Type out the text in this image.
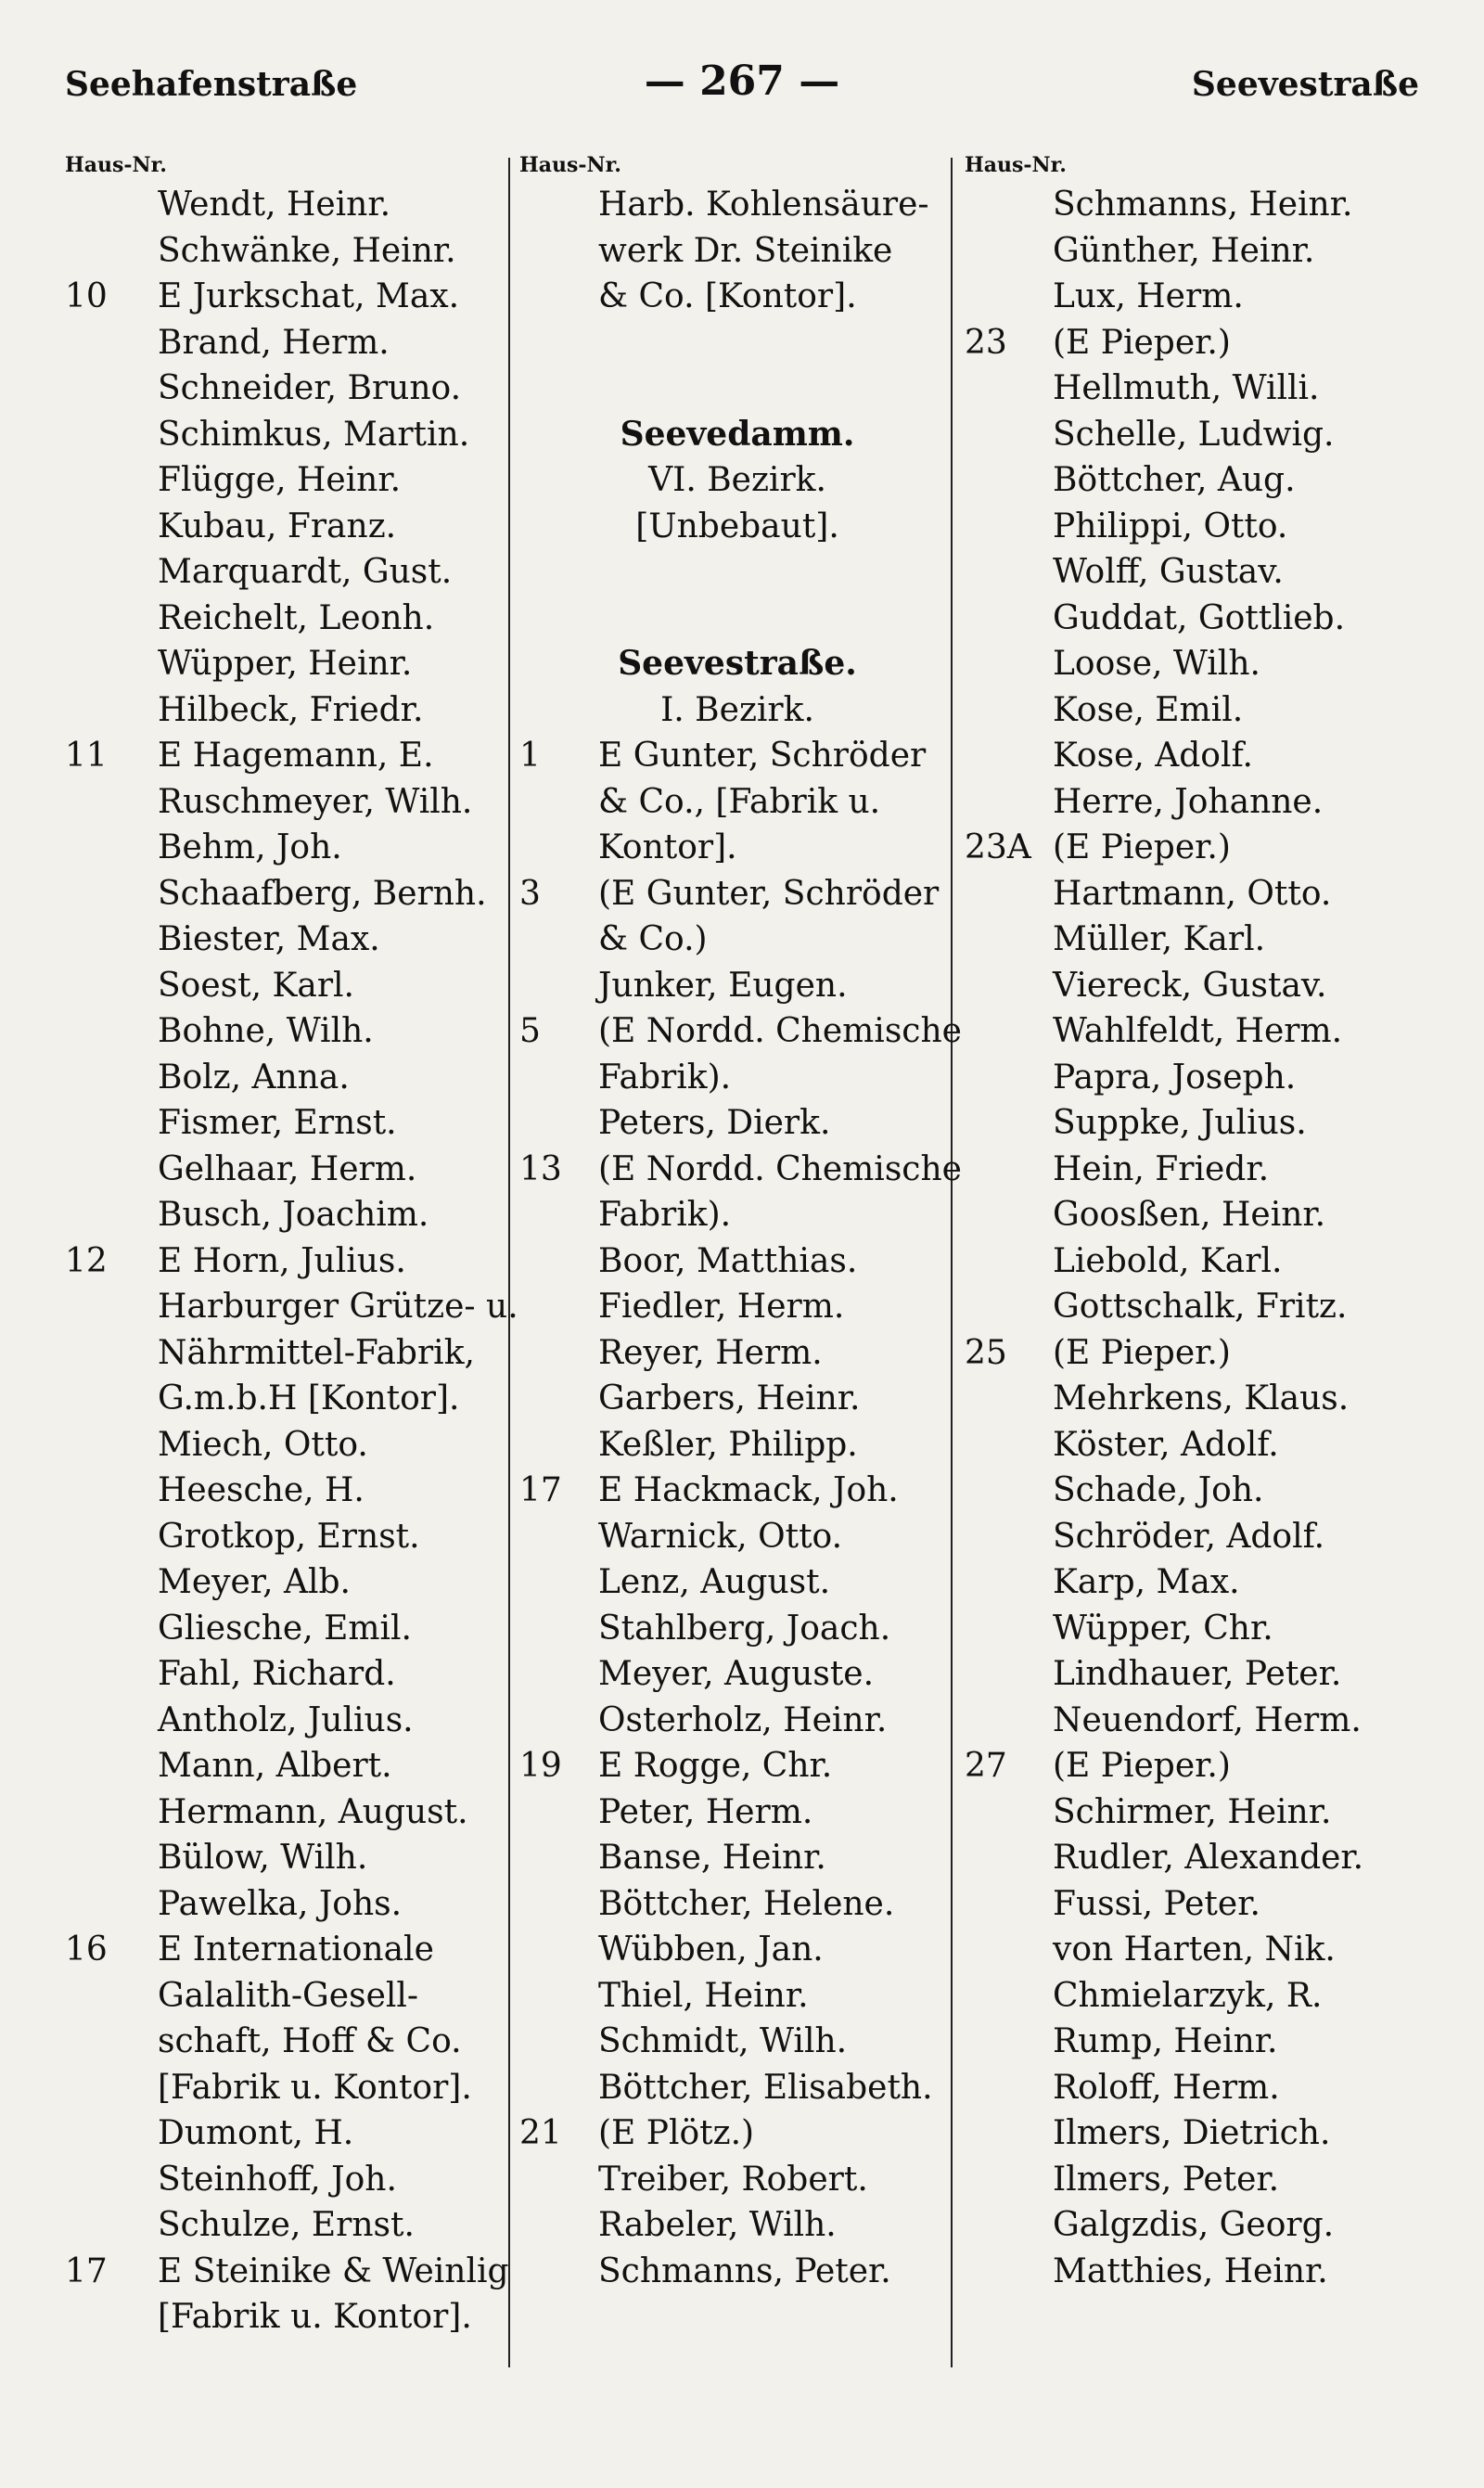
Seehafenstraße	— 267 —	Seevestraße
Haus-Nr.
Wendt, Heinr.
Schwänke, Heinr.
10	E Jurkschat, Max.
Brand, Herm.
Schneider, Bruno.
Schimkus, Martin.
Flügge, Heinr.
Kubau, Franz.
Marquardt, Gust.
Reichelt, Leonh.
Wüpper, Heinr.
Hilbeck, Friedr.
11	E Hagemann, E.
Ruschmeyer, Wilh.
Behm, Joh.
Schaafberg, Bernh.
Biester, Max.
Soest, Karl.
Bohne, Wilh.
Bolz, Anna.
Fismer, Ernst.
Gelhaar, Herm.
Busch, Joachim.
12	E Horn, Julius.
Harburger Grütze- u.
Nährmittel-Fabrik,
G.m.b.H [Kontor].
Miech, Otto.
Heesche, H.
Grotkop, Ernst.
Meyer, Alb.
Gliesche, Emil.
Fahl, Richard.
Antholz, Julius.
Mann, Albert.
Hermann, August.
Bülow, Wilh.
Pawelka, Johs.
16	E Internationale
Galalith-Gesell-
schaft, Hoff & Co.
[Fabrik u. Kontor].
Dumont, H.
Steinhoff, Joh.
Schulze, Ernst.
17	E Steinike & Weinlig
[Fabrik u. Kontor].
Haus-Nr.
Harb. Kohlensäure-
werk Dr. Steinike
& Co. [Kontor].
Seevedamm.
VI. Bezirk.
[Unbebaut].
Seevestraße.
I. Bezirk.
1	E Gunter, Schröder
& Co., [Fabrik u.
Kontor].
3	(E Gunter, Schröder
& Co.)
Junker, Eugen.
5	(E Nordd. Chemische
Fabrik).
Peters, Dierk.
13	(E Nordd. Chemische
Fabrik).
Boor, Matthias.
Fiedler, Herm.
Reyer, Herm.
Garbers, Heinr.
Keßler, Philipp.
17	E Hackmack, Joh.
Warnick, Otto.
Lenz, August.
Stahlberg, Joach.
Meyer, Auguste.
Osterholz, Heinr.
19	E Rogge, Chr.
Peter, Herm.
Banse, Heinr.
Böttcher, Helene.
Wübben, Jan.
Thiel, Heinr.
Schmidt, Wilh.
Böttcher, Elisabeth.
21	(E Plötz.)
Treiber, Robert.
Rabeler, Wilh.
Schmanns, Peter.
Haus-Nr.
Schmanns, Heinr.
Günther, Heinr.
Lux, Herm.
23	(E Pieper.)
Hellmuth, Willi.
Schelle, Ludwig.
Böttcher, Aug.
Philippi, Otto.
Wolff, Gustav.
Guddat, Gottlieb.
Loose, Wilh.
Kose, Emil.
Kose, Adolf.
Herre, Johanne.
23A (E Pieper.)
Hartmann, Otto.
Müller, Karl.
Viereck, Gustav.
Wahlfeldt, Herm.
Papra, Joseph.
Suppke, Julius.
Hein, Friedr.
Goosßen, Heinr.
Liebold, Karl.
Gottschalk, Fritz.
25	(E Pieper.)
Mehrkens, Klaus.
Köster, Adolf.
Schade, Joh.
Schröder, Adolf.
Karp, Max.
Wüpper, Chr.
Lindhauer, Peter.
Neuendorf, Herm.
27	(E Pieper.)
Schirmer, Heinr.
Rudler, Alexander.
Fussi, Peter.
von Harten, Nik.
Chmielarzyk, R.
Rump, Heinr.
Roloff, Herm.
Ilmers, Dietrich.
Ilmers, Peter.
Galgzdis, Georg.
Matthies, Heinr.
